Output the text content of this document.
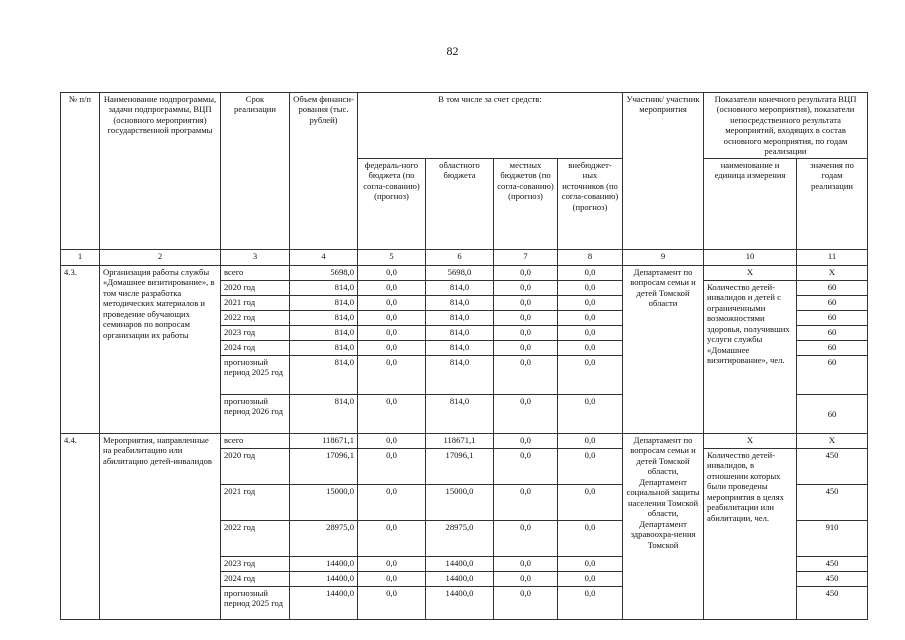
82
№ п/п	Наименование подпрограммы, задачи подпрограммы, ВЦП (основного мероприятия) государственной программы	Срок реализации	Объем финанси-рования (тыс. рублей)	В том числе за счет средств:				Участник/ участник мероприятия	Показатели конечного результата ВЦП (основного мероприятия), показатели непосредственного результата мероприятий, входящих в состав основного мероприятия, по годам реализации	
				федераль-ного бюджета (по согла-сованию) (прогноз)	областного бюджета	местных бюджетов (по согла-сованию) (прогноз)	внебюджет-ных источников (по согла-сованию) (прогноз)		наименование и единица измерения	значения по годам реализации
1	2	3	4	5	6	7	8	9	10	11
4.3.	Организация работы службы «Домашнее визитирование», в том числе разработка методических материалов и проведение обучающих семинаров по вопросам организации их работы	всего	5698,0	0,0	5698,0	0,0	0,0	Департамент по вопросам семьи и детей Томской области	Х	Х
		2020 год	814,0	0,0	814,0	0,0	0,0		Количество детей-инвалидов и детей с ограниченными возможностями здоровья, получивших услуги службы «Домашнее визитирование», чел.	60
		2021 год	814,0	0,0	814,0	0,0	0,0			60
		2022 год	814,0	0,0	814,0	0,0	0,0			60
		2023 год	814,0	0,0	814,0	0,0	0,0			60
		2024 год	814,0	0,0	814,0	0,0	0,0			60
		прогнозный период 2025 год	814,0	0,0	814,0	0,0	0,0			60
		прогнозный период 2026 год	814,0	0,0	814,0	0,0	0,0			60
4.4.	Мероприятия, направленные на реабилитацию или абилитацию детей-инвалидов	всего	118671,1	0,0	118671,1	0,0	0,0	Департамент по вопросам семьи и детей Томской области, Департамент социальной защиты населения Томской области, Департамент здравоохра-нения Томской	Х	Х
		2020 год	17096,1	0,0	17096,1	0,0	0,0		Количество детей-инвалидов, в отношении которых были проведены мероприятия в целях реабилитации или абилитации, чел.	450
		2021 год	15000,0	0,0	15000,0	0,0	0,0			450
		2022 год	28975,0	0,0	28975,0	0,0	0,0			910
		2023 год	14400,0	0,0	14400,0	0,0	0,0			450
		2024 год	14400,0	0,0	14400,0	0,0	0,0			450
		прогнозный период 2025 год	14400,0	0,0	14400,0	0,0	0,0			450
